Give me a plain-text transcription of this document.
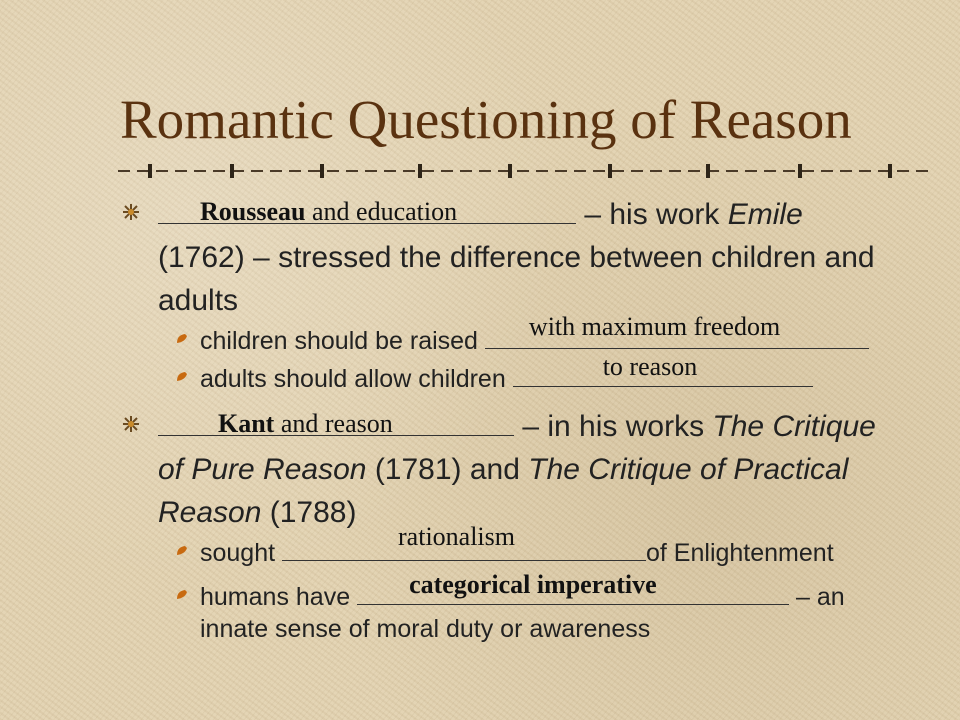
Romantic Questioning of Reason
Rousseau and education	– his work Emile (1762) – stressed the difference between children and adults
children should be raised with maximum freedom
adults should allow children	to reason
Kant and reason	– in his works The Critique of Pure Reason (1781) and The Critique of Practical Reason (1788)
sought
rationalism
of Enlightenment
humans have categorical imperative	– an innate sense of moral duty or awareness
